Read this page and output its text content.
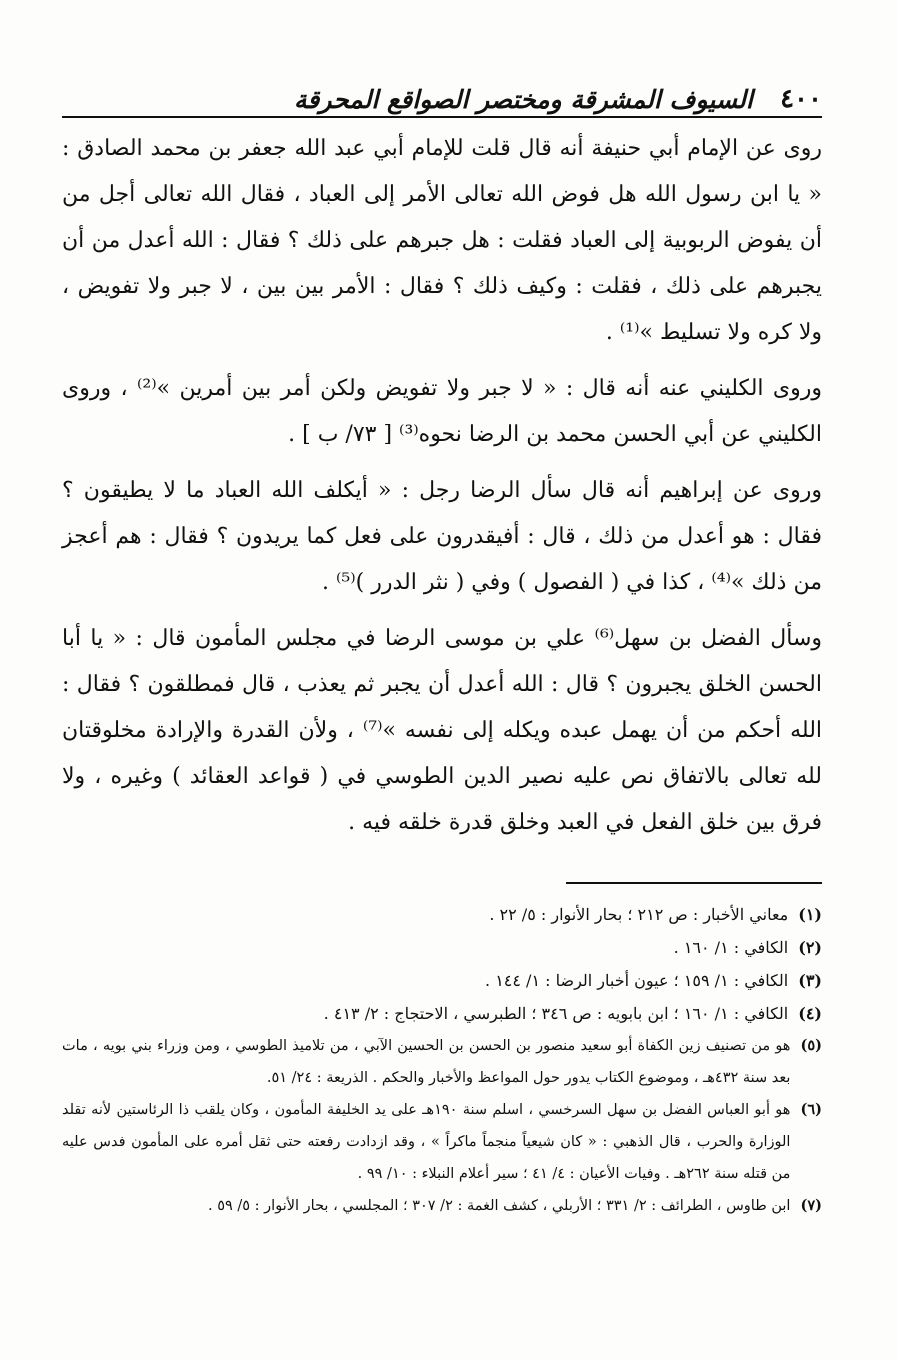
٤٠٠
السيوف المشرقة ومختصر الصواقع المحرقة

روى عن الإمام أبي حنيفة أنه قال قلت للإمام أبي عبد الله جعفر بن محمد الصادق : « يا ابن رسول الله هل فوض الله تعالى الأمر إلى العباد ، فقال الله تعالى أجل من أن يفوض الربوبية إلى العباد فقلت : هل جبرهم على ذلك ؟ فقال : الله أعدل من أن يجبرهم على ذلك ، فقلت : وكيف ذلك ؟ فقال : الأمر بين بين ، لا جبر ولا تفويض ، ولا كره ولا تسليط »⁽¹⁾ .

وروى الكليني عنه أنه قال : « لا جبر ولا تفويض ولكن أمر بين أمرين »⁽²⁾ ، وروى الكليني عن أبي الحسن محمد بن الرضا نحوه⁽³⁾ [ ٧٣/ ب ] .

وروى عن إبراهيم أنه قال سأل الرضا رجل : « أيكلف الله العباد ما لا يطيقون ؟ فقال : هو أعدل من ذلك ، قال : أفيقدرون على فعل كما يريدون ؟ فقال : هم أعجز من ذلك »⁽⁴⁾ ، كذا في ( الفصول ) وفي ( نثر الدرر )⁽⁵⁾ .

وسأل الفضل بن سهل⁽⁶⁾ علي بن موسى الرضا في مجلس المأمون قال : « يا أبا الحسن الخلق يجبرون ؟ قال : الله أعدل أن يجبر ثم يعذب ، قال فمطلقون ؟ فقال : الله أحكم من أن يهمل عبده ويكله إلى نفسه »⁽⁷⁾ ، ولأن القدرة والإرادة مخلوقتان لله تعالى بالاتفاق نص عليه نصير الدين الطوسي في ( قواعد العقائد ) وغيره ، ولا فرق بين خلق الفعل في العبد وخلق قدرة خلقه فيه .

(١)
معاني الأخبار : ص ٢١٢ ؛ بحار الأنوار : ٥/ ٢٢ .
(٢)
الكافي : ١/ ١٦٠ .
(٣)
الكافي : ١/ ١٥٩ ؛ عيون أخبار الرضا : ١/ ١٤٤ .
(٤)
الكافي : ١/ ١٦٠ ؛ ابن بابويه : ص ٣٤٦ ؛ الطبرسي ، الاحتجاج : ٢/ ٤١٣ .
(٥)
هو من تصنيف زين الكفاة أبو سعيد منصور بن الحسن بن الحسين الآبي ، من تلاميذ الطوسي ، ومن وزراء بني بويه ، مات بعد سنة ٤٣٢هـ ، وموضوع الكتاب يدور حول المواعظ والأخبار والحكم . الذريعة : ٢٤/ ٥١.
(٦)
هو أبو العباس الفضل بن سهل السرخسي ، اسلم سنة ١٩٠هـ على يد الخليفة المأمون ، وكان يلقب ذا الرئاستين لأنه تقلد الوزارة والحرب ، قال الذهبي : « كان شيعياً منجماً ماكراً » ، وقد ازدادت رفعته حتى ثقل أمره على المأمون فدس عليه من قتله سنة ٢٦٢هـ . وفيات الأعيان : ٤/ ٤١ ؛ سير أعلام النبلاء : ١٠/ ٩٩ .
(٧)
ابن طاوس ، الطرائف : ٢/ ٣٣١ ؛ الأربلي ، كشف الغمة : ٢/ ٣٠٧ ؛ المجلسي ، بحار الأنوار : ٥/ ٥٩ .
